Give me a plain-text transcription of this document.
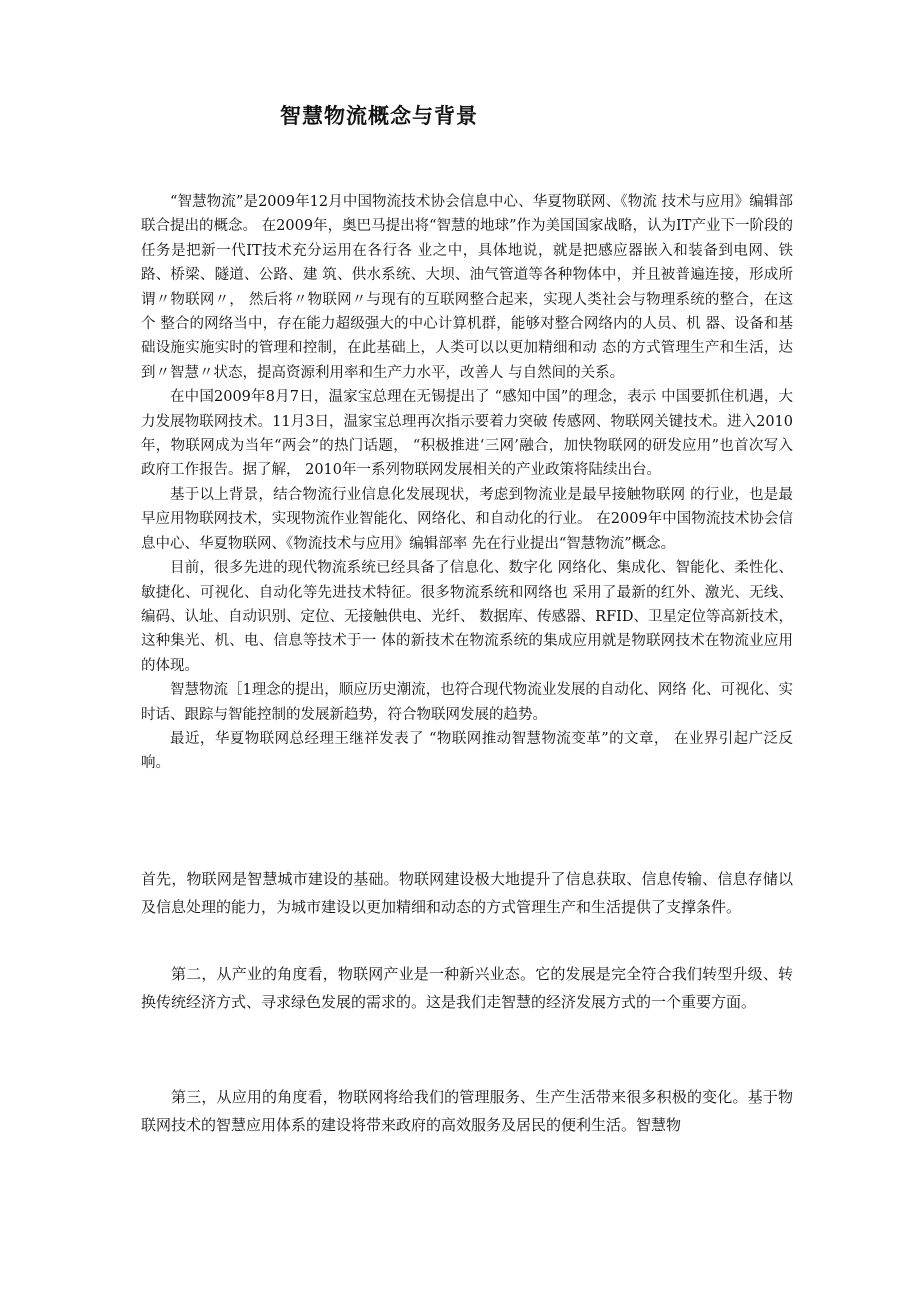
智慧物流概念与背景

“智慧物流”是2009年12月中国物流技术协会信息中心、华夏物联网、《物流 技术与应用》编辑部联合提出的概念。 在2009年，奥巴马提出将“智慧的地球”作为美国国家战略，认为IT产业下一阶段的任务是把新一代IT技术充分运用在各行各 业之中，具体地说，就是把感应器嵌入和装备到电网、铁路、桥梁、隧道、公路、建 筑、供水系统、大坝、油气管道等各种物体中，并且被普遍连接，形成所谓〃物联网〃， 然后将〃物联网〃与现有的互联网整合起来，实现人类社会与物理系统的整合，在这个 整合的网络当中，存在能力超级强大的中心计算机群，能够对整合网络内的人员、机 器、设备和基础设施实施实时的管理和控制，在此基础上，人类可以以更加精细和动 态的方式管理生产和生活，达到〃智慧〃状态，提高资源利用率和生产力水平，改善人 与自然间的关系。

在中国2009年8月7日，温家宝总理在无锡提出了 “感知中国”的理念，表示 中国要抓住机遇，大力发展物联网技术。11月3日，温家宝总理再次指示要着力突破 传感网、物联网关键技术。进入2010年，物联网成为当年“两会”的热门话题， “积极推进‘三网’融合，加快物联网的研发应用”也首次写入政府工作报告。据了解， 2010年一系列物联网发展相关的产业政策将陆续出台。

基于以上背景，结合物流行业信息化发展现状，考虑到物流业是最早接触物联网 的行业，也是最早应用物联网技术，实现物流作业智能化、网络化、和自动化的行业。 在2009年中国物流技术协会信息中心、华夏物联网、《物流技术与应用》编辑部率 先在行业提出“智慧物流”概念。

目前，很多先进的现代物流系统已经具备了信息化、数字化 网络化、集成化、智能化、柔性化、敏捷化、可视化、自动化等先进技术特征。很多物流系统和网络也 采用了最新的红外、激光、无线、编码、认址、自动识别、定位、无接触供电、光纤、 数据库、传感器、RFID、卫星定位等高新技术，这种集光、机、电、信息等技术于一 体的新技术在物流系统的集成应用就是物联网技术在物流业应用的体现。

智慧物流［1理念的提出，顺应历史潮流，也符合现代物流业发展的自动化、网络 化、可视化、实时话、跟踪与智能控制的发展新趋势，符合物联网发展的趋势。

最近，华夏物联网总经理王继祥发表了 “物联网推动智慧物流变革”的文章， 在业界引起广泛反响。

首先，物联网是智慧城市建设的基础。物联网建设极大地提升了信息获取、信息传输、信息存储以及信息处理的能力，为城市建设以更加精细和动态的方式管理生产和生活提供了支撑条件。

第二，从产业的角度看，物联网产业是一种新兴业态。它的发展是完全符合我们转型升级、转换传统经济方式、寻求绿色发展的需求的。这是我们走智慧的经济发展方式的一个重要方面。

第三，从应用的角度看，物联网将给我们的管理服务、生产生活带来很多积极的变化。基于物联网技术的智慧应用体系的建设将带来政府的高效服务及居民的便利生活。智慧物
